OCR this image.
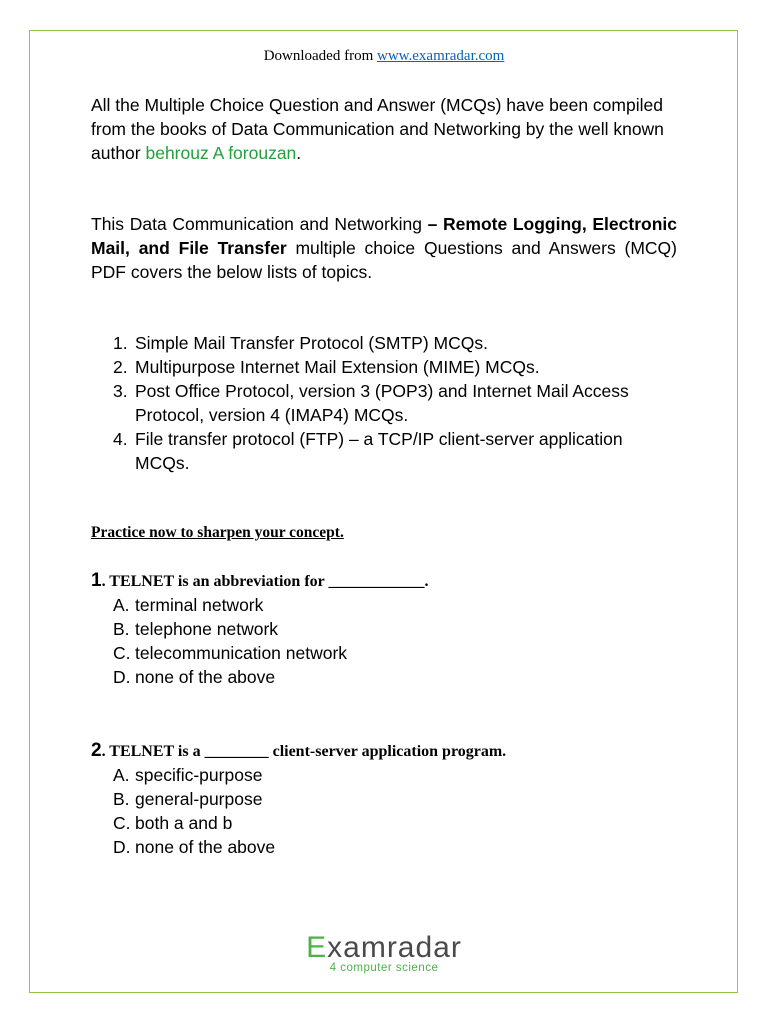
Downloaded from www.examradar.com
All the Multiple Choice Question and Answer (MCQs) have been compiled from the books of Data Communication and Networking by the well known author behrouz A forouzan.
This Data Communication and Networking – Remote Logging, Electronic Mail, and File Transfer multiple choice Questions and Answers (MCQ) PDF covers the below lists of topics.
1. Simple Mail Transfer Protocol (SMTP) MCQs.
2. Multipurpose Internet Mail Extension (MIME) MCQs.
3. Post Office Protocol, version 3 (POP3) and Internet Mail Access Protocol, version 4 (IMAP4) MCQs.
4. File transfer protocol (FTP) – a TCP/IP client-server application MCQs.
Practice now to sharpen your concept.
1. TELNET is an abbreviation for ____________.
A. terminal network
B. telephone network
C. telecommunication network
D. none of the above
2. TELNET is a ________ client-server application program.
A. specific-purpose
B. general-purpose
C. both a and b
D. none of the above
Examradar
4 computer science
